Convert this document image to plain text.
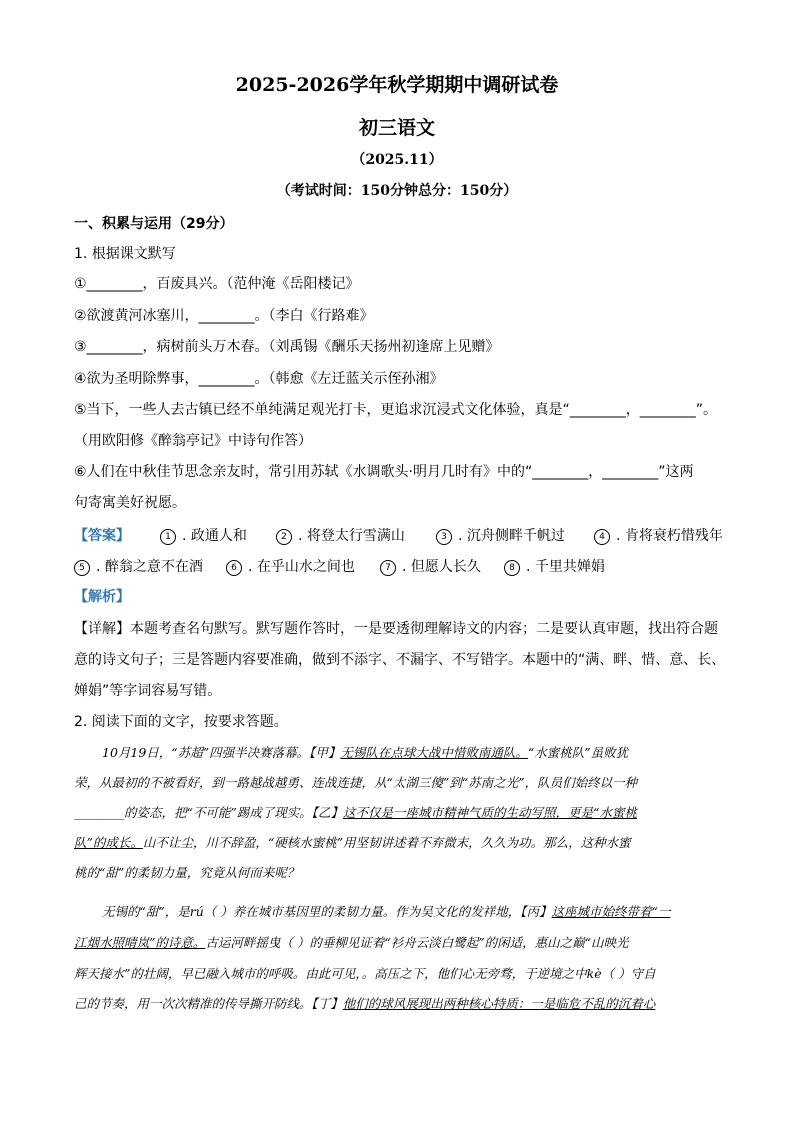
2025-2026学年秋学期期中调研试卷
初三语文
（2025.11）
（考试时间：150分钟总分：150分）
一、积累与运用（29分）
1. 根据课文默写
①________，百废具兴。（范仲淹《岳阳楼记》
②欲渡黄河冰塞川，________。（李白《行路难》
③________，病树前头万木春。（刘禹锡《酬乐天扬州初逢席上见赠》
④欲为圣明除弊事，________。（韩愈《左迁蓝关示侄孙湘》
⑤当下，一些人去古镇已经不单纯满足观光打卡，更追求沉浸式文化体验，真是“________，________”。
（用欧阳修《醉翁亭记》中诗句作答）
⑥人们在中秋佳节思念亲友时，常引用苏轼《水调歌头·明月几时有》中的“________，________”这两
句寄寓美好祝愿。
【答案】	1 . 政通人和	2 . 将登太行雪满山	3 . 沉舟侧畔千帆过	4 . 肯将衰朽惜残年
5 . 醉翁之意不在酒	6 . 在乎山水之间也	7 . 但愿人长久	8 . 千里共婵娟
【解析】
【详解】本题考查名句默写。默写题作答时，一是要透彻理解诗文的内容；二是要认真审题，找出符合题
意的诗文句子；三是答题内容要准确，做到不添字、不漏字、不写错字。本题中的“满、畔、惜、意、长、
婵娟”等字词容易写错。
2. 阅读下面的文字，按要求答题。
10月19日，“苏超”四强半决赛落幕。【甲】无锡队在点球大战中惜败南通队。“水蜜桃队”虽败犹
荣，从最初的不被看好，到一路越战越勇、连战连捷，从“太湖三傻”到“苏南之光”，队员们始终以一种
________的姿态，把“不可能”踢成了现实。【乙】这不仅是一座城市精神气质的生动写照，更是“水蜜桃
队”的成长。山不让尘，川不辞盈，“硬核水蜜桃”用坚韧讲述着不弃微末，久久为功。那么，这种水蜜
桃的“甜”的柔韧力量，究竟从何而来呢？
无锡的“甜”，是rú（ ）养在城市基因里的柔韧力量。作为吴文化的发祥地，【丙】这座城市始终带着“一
江烟水照晴岚”的诗意。古运河畔摇曳（ ）的垂柳见证着“衫舟云淡白鹭起”的闲适，惠山之巅“山映光
辉天接水”的壮阔，早已融入城市的呼吸。由此可见，。高压之下，他们心无旁骛，于逆境之中kè（ ）守自
己的节奏，用一次次精准的传导撕开防线。【丁】他们的球风展现出两种核心特质：一是临危不乱的沉着心
